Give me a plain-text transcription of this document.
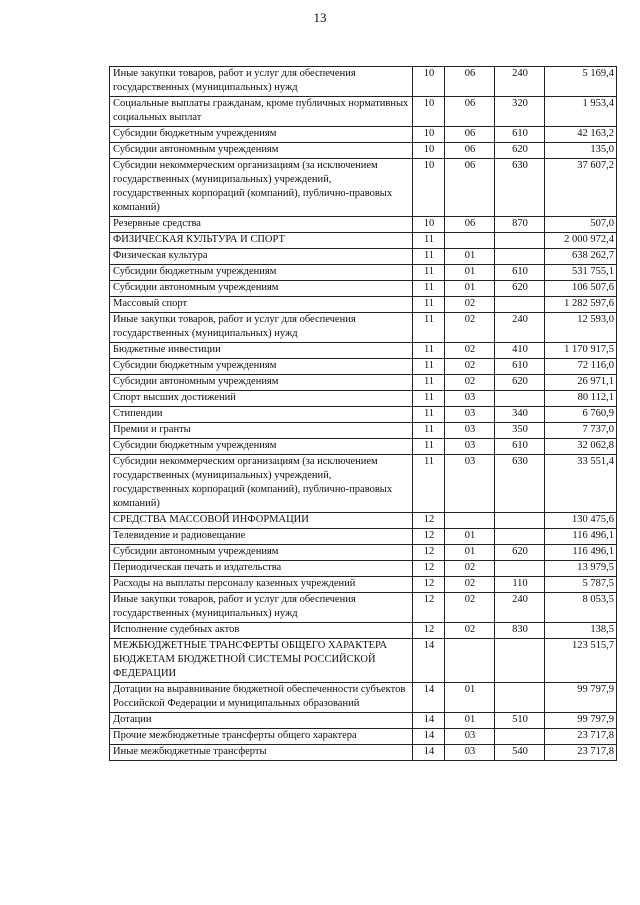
13
Иные закупки товаров, работ и услуг для обеспечения государственных (муниципальных) нужд	10	06	240	5 169,4
Социальные выплаты гражданам, кроме публичных нормативных социальных выплат	10	06	320	1 953,4
Субсидии бюджетным учреждениям	10	06	610	42 163,2
Субсидии автономным учреждениям	10	06	620	135,0
Субсидии некоммерческим организациям (за исключением государственных (муниципальных) учреждений, государственных корпораций (компаний), публично-правовых компаний)	10	06	630	37 607,2
Резервные средства	10	06	870	507,0
ФИЗИЧЕСКАЯ КУЛЬТУРА И СПОРТ	11			2 000 972,4
Физическая культура	11	01		638 262,7
Субсидии бюджетным учреждениям	11	01	610	531 755,1
Субсидии автономным учреждениям	11	01	620	106 507,6
Массовый спорт	11	02		1 282 597,6
Иные закупки товаров, работ и услуг для обеспечения государственных (муниципальных) нужд	11	02	240	12 593,0
Бюджетные инвестиции	11	02	410	1 170 917,5
Субсидии бюджетным учреждениям	11	02	610	72 116,0
Субсидии автономным учреждениям	11	02	620	26 971,1
Спорт высших достижений	11	03		80 112,1
Стипендии	11	03	340	6 760,9
Премии и гранты	11	03	350	7 737,0
Субсидии бюджетным учреждениям	11	03	610	32 062,8
Субсидии некоммерческим организациям (за исключением государственных (муниципальных) учреждений, государственных корпораций (компаний), публично-правовых компаний)	11	03	630	33 551,4
СРЕДСТВА МАССОВОЙ ИНФОРМАЦИИ	12			130 475,6
Телевидение и радиовещание	12	01		116 496,1
Субсидии автономным учреждениям	12	01	620	116 496,1
Периодическая печать и издательства	12	02		13 979,5
Расходы на выплаты персоналу казенных учреждений	12	02	110	5 787,5
Иные закупки товаров, работ и услуг для обеспечения государственных (муниципальных) нужд	12	02	240	8 053,5
Исполнение судебных актов	12	02	830	138,5
МЕЖБЮДЖЕТНЫЕ ТРАНСФЕРТЫ ОБЩЕГО ХАРАКТЕРА БЮДЖЕТАМ БЮДЖЕТНОЙ СИСТЕМЫ РОССИЙСКОЙ ФЕДЕРАЦИИ	14			123 515,7
Дотации на выравнивание бюджетной обеспеченности субъектов Российской Федерации и муниципальных образований	14	01		99 797,9
Дотации	14	01	510	99 797,9
Прочие межбюджетные трансферты общего характера	14	03		23 717,8
Иные межбюджетные трансферты	14	03	540	23 717,8
